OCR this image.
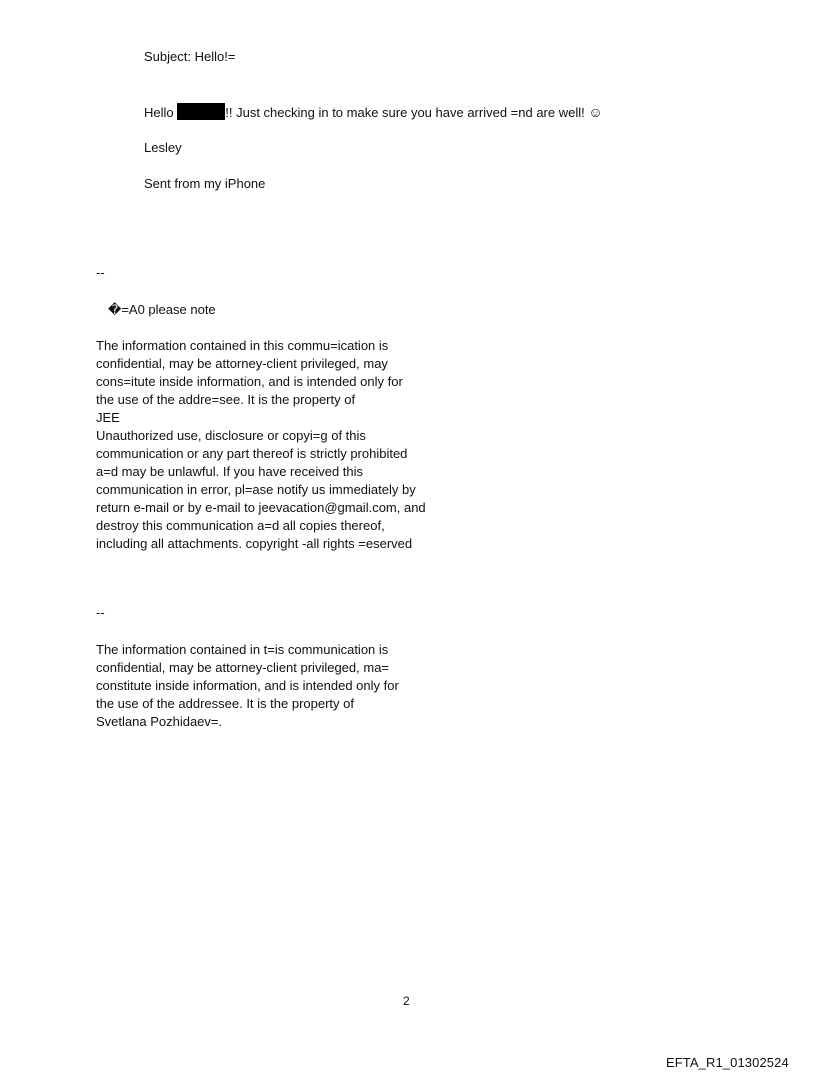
Subject: Hello!=
Hello	!! Just checking in to make sure you have arrived =nd are well! ☺
Lesley
Sent from my iPhone
--
�=A0 please note
The information contained in this commu=ication is
confidential, may be attorney-client privileged, may
cons=itute inside information, and is intended only for
the use of the addre=see. It is the property of
JEE
Unauthorized use, disclosure or copyi=g of this
communication or any part thereof is strictly prohibited
a=d may be unlawful. If you have received this
communication in error, pl=ase notify us immediately by
return e-mail or by e-mail to jeevacation@gmail.com, and
destroy this communication a=d all copies thereof,
including all attachments. copyright -all rights =eserved
--
The information contained in t=is communication is
confidential, may be attorney-client privileged, ma=
constitute inside information, and is intended only for
the use of the addressee. It is the property of
Svetlana Pozhidaev=.
2
EFTA_R1_01302524
